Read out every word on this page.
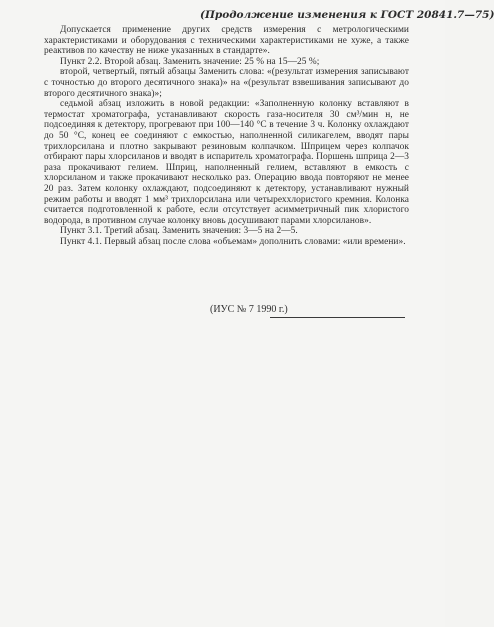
(Продолжение изменения к ГОСТ 20841.7—75)

Допускается применение других средств измерения с метрологическими характеристиками и оборудования с техническими характеристиками не хуже, а также реактивов по качеству не ниже указанных в стандарте».

Пункт 2.2. Второй абзац. Заменить значение: 25 % на 15—25 %;

второй, четвертый, пятый абзацы Заменить слова: «(результат измерения записывают с точностью до второго десятичного знака)» на «(результат взвешивания записывают до второго десятичного знака)»;

седьмой абзац изложить в новой редакции: «Заполненную колонку вставляют в термостат хроматографа, устанавливают скорость газа-носителя 30 см³/мин н, не подсоединяя к детектору, прогревают при 100—140 °С в течение 3 ч. Колонку охлаждают до 50 °С, конец ее соединяют с емкостью, наполненной силикагелем, вводят пары трихлорсилана и плотно закрывают резиновым колпачком. Шприцем через колпачок отбирают пары хлорсиланов и вводят в испаритель хроматографа. Поршень шприца 2—3 раза прокачивают гелием. Шприц, наполненный гелием, вставляют в емкость с хлорсиланом и также прокачивают несколько раз. Операцию ввода повторяют не менее 20 раз. Затем колонку охлаждают, подсоединяют к детектору, устанавливают нужный режим работы и вводят 1 мм³ трихлорсилана или четыреххлористого кремния. Колонка считается подготовленной к работе, если отсутствует асимметричный пик хлористого водорода, в противном случае колонку вновь досушивают парами хлорсиланов».

Пункт 3.1. Третий абзац. Заменить значения: 3—5 на 2—5.

Пункт 4.1. Первый абзац после слова «объемам» дополнить словами: «или времени».

(ИУС № 7 1990 г.)
